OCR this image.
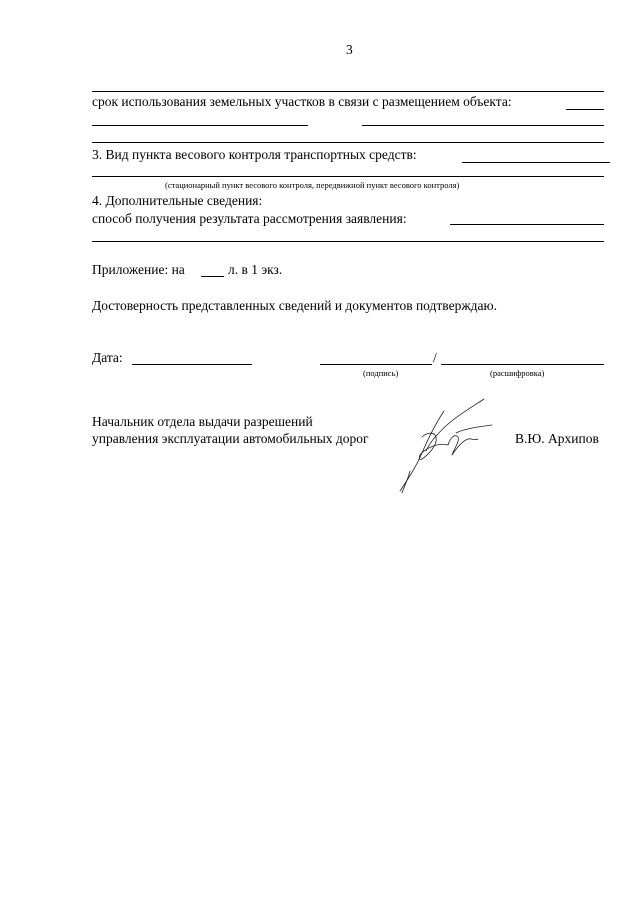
3
срок использования земельных участков в связи с размещением объекта:
3. Вид пункта весового контроля транспортных средств:
(стационарный пункт весового контроля, передвижной пункт весового контроля)
4. Дополнительные сведения:
способ получения результата рассмотрения заявления:
Приложение: на	л. в 1 экз.
Достоверность представленных сведений и документов подтверждаю.
Дата:	/
(подпись)	(расшифровка)
Начальник отдела выдачи разрешений
управления эксплуатации автомобильных дорог	В.Ю. Архипов
